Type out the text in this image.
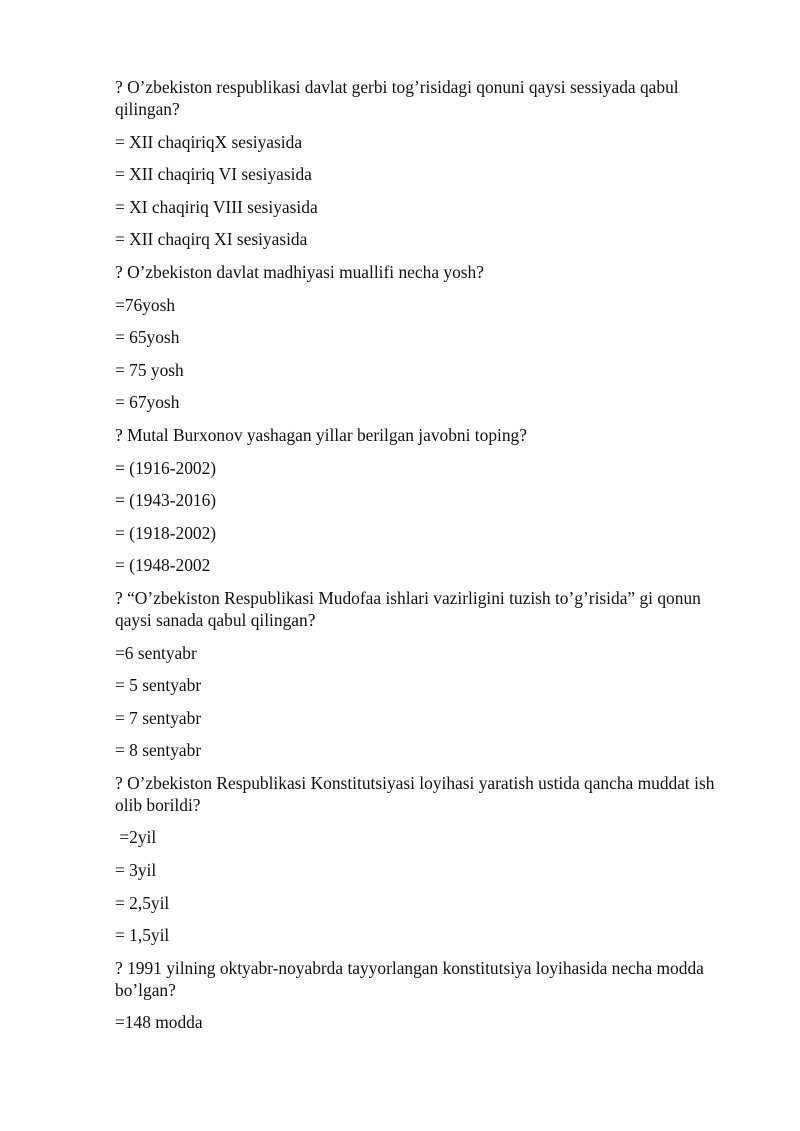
? O’zbekiston respublikasi davlat gerbi tog’risidagi qonuni qaysi sessiyada qabul qilingan?
= XII chaqiriqX sesiyasida
= XII chaqiriq VI sesiyasida
= XI chaqiriq VIII sesiyasida
= XII chaqirq XI sesiyasida
? O’zbekiston davlat madhiyasi muallifi necha yosh?
=76yosh
= 65yosh
= 75 yosh
= 67yosh
? Mutal Burxonov yashagan yillar berilgan javobni toping?
= (1916-2002)
= (1943-2016)
= (1918-2002)
= (1948-2002
? “O’zbekiston Respublikasi Mudofaa ishlari vazirligini tuzish to’g’risida” gi qonun qaysi sanada qabul qilingan?
=6 sentyabr
= 5 sentyabr
= 7 sentyabr
= 8 sentyabr
? O’zbekiston Respublikasi Konstitutsiyasi loyihasi yaratish ustida qancha muddat ish olib borildi?
=2yil
= 3yil
= 2,5yil
= 1,5yil
? 1991 yilning oktyabr-noyabrda tayyorlangan konstitutsiya loyihasida necha modda bo’lgan?
=148 modda
